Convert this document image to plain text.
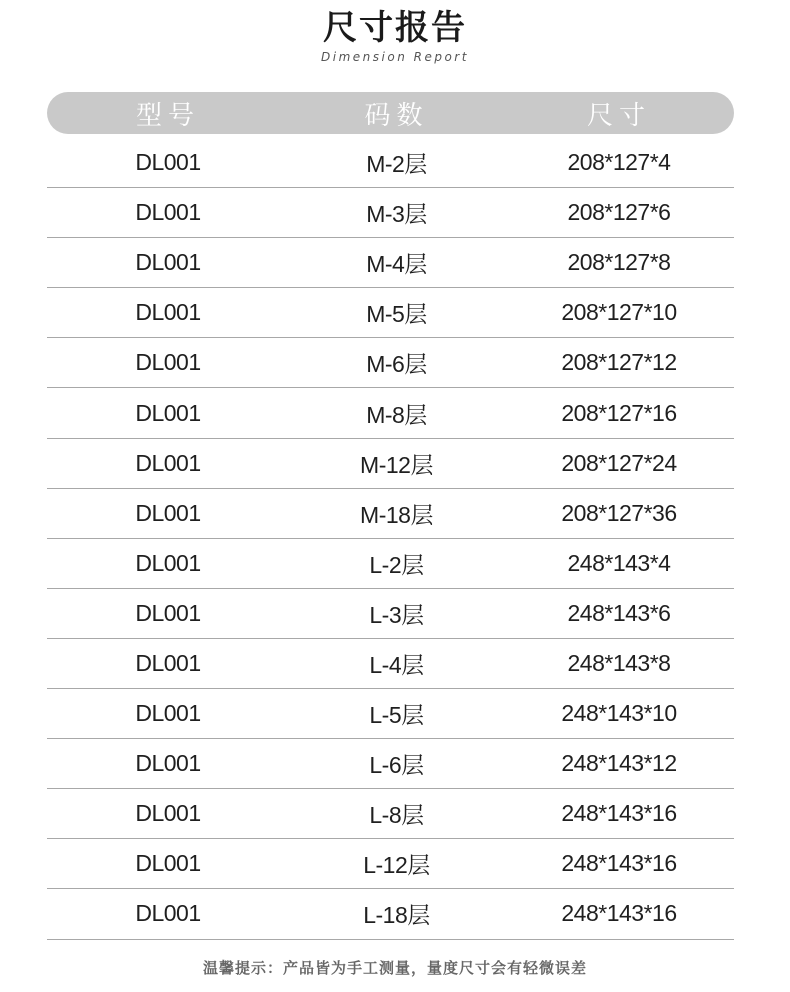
尺寸报告
Dimension Report
型号	码数	尺寸
DL001	M-2层	208*127*4
DL001	M-3层	208*127*6
DL001	M-4层	208*127*8
DL001	M-5层	208*127*10
DL001	M-6层	208*127*12
DL001	M-8层	208*127*16
DL001	M-12层	208*127*24
DL001	M-18层	208*127*36
DL001	L-2层	248*143*4
DL001	L-3层	248*143*6
DL001	L-4层	248*143*8
DL001	L-5层	248*143*10
DL001	L-6层	248*143*12
DL001	L-8层	248*143*16
DL001	L-12层	248*143*16
DL001	L-18层	248*143*16
温馨提示：产品皆为手工测量，量度尺寸会有轻微误差
